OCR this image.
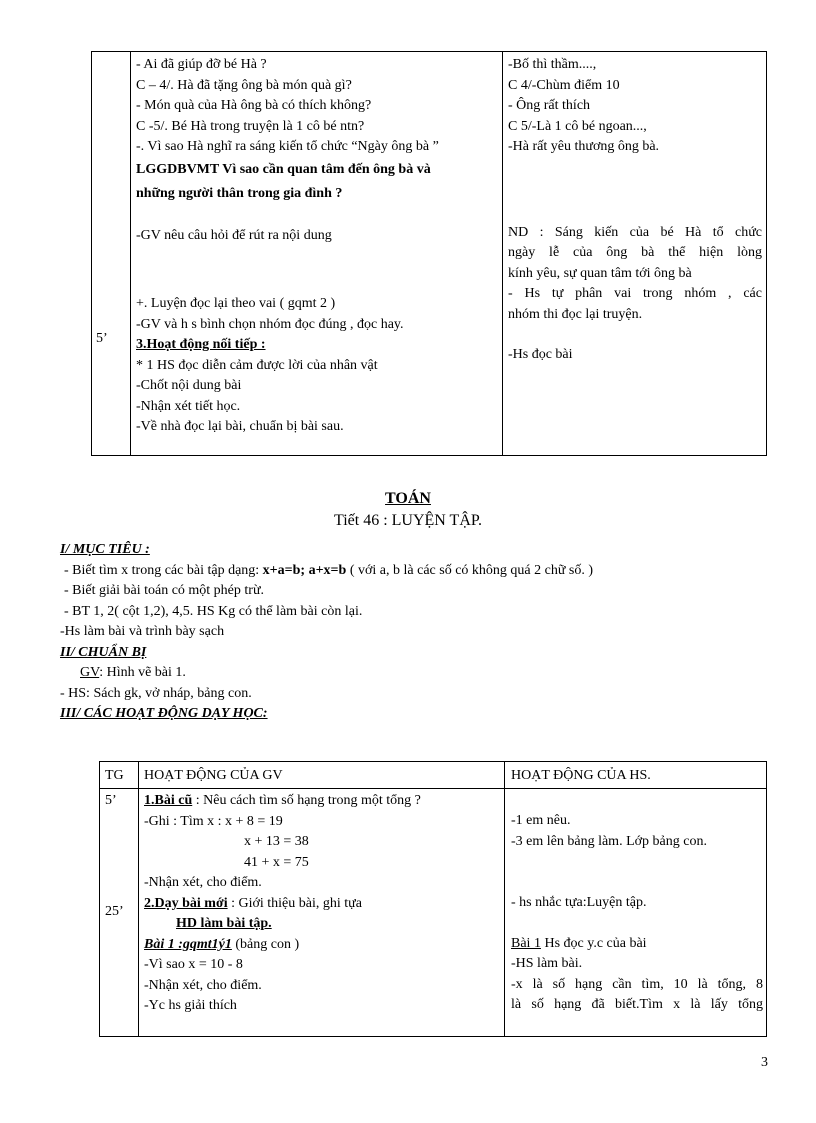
5’
- Ai đã giúp đỡ bé Hà ?
C – 4/. Hà đã tặng ông bà món quà gì?
- Món quà của Hà ông bà có thích không?
C -5/. Bé Hà trong truyện là 1 cô bé ntn?
-. Vì sao Hà nghĩ ra sáng kiến tổ chức “Ngày ông bà ”
LGGDBVMT Vì sao cần quan tâm đến ông bà và
những người thân trong gia đình ?
-GV nêu câu hỏi để rút ra nội dung
+. Luyện đọc lại theo vai ( gqmt 2 )
-GV và h s bình chọn nhóm đọc đúng , đọc hay.
3.Hoạt động nối tiếp :
* 1 HS đọc diễn cảm được lời của nhân vật
-Chốt nội dung bài
-Nhận xét tiết học.
-Về nhà đọc lại bài, chuẩn bị bài sau.
-Bố thì thầm....,
C 4/-Chùm điểm 10
- Ông rất thích
C 5/-Là 1 cô bé ngoan...,
-Hà rất yêu thương ông bà.
ND : Sáng kiến của bé Hà tổ chức
ngày lễ của ông bà thể hiện lòng
kính yêu, sự quan tâm tới ông bà
- Hs tự phân vai trong nhóm , các
nhóm thi đọc lại truyện.
-Hs đọc bài
TOÁN
Tiết 46 : LUYỆN TẬP.
I/ MỤC TIÊU :
- Biết tìm x trong các bài tập dạng: x+a=b; a+x=b ( với a, b là các số có không quá 2 chữ số. )
- Biết giải bài toán có một phép trừ.
- BT 1, 2( cột 1,2), 4,5. HS Kg có thể làm bài còn lại.
-Hs làm bài và trình bày sạch
II/ CHUẨN BỊ
GV: Hình vẽ bài 1.
- HS: Sách gk, vở nháp, bảng con.
III/ CÁC HOẠT ĐỘNG DẠY HỌC:
TG HOẠT ĐỘNG CỦA GV	HOẠT ĐỘNG CỦA HS.
5’
25’
1.Bài cũ : Nêu cách tìm số hạng trong một tổng ?
-Ghi : Tìm x : x + 8 = 19
x + 13 = 38
41 + x = 75
-Nhận xét, cho điểm.
2.Dạy bài mới : Giới thiệu bài, ghi tựa
HD làm bài tập.
Bài 1 :gqmt1ý1 (bảng con )
-Vì sao x = 10 - 8
-Nhận xét, cho điểm.
-Yc hs giải thích
-1 em nêu.
-3 em lên bảng làm. Lớp bảng con.
- hs nhắc tựa:Luyện tập.
Bài 1 Hs đọc y.c của bài
-HS làm bài.
-x là số hạng cần tìm, 10 là tổng, 8
là số hạng đã biết.Tìm x là lấy tổng
3
